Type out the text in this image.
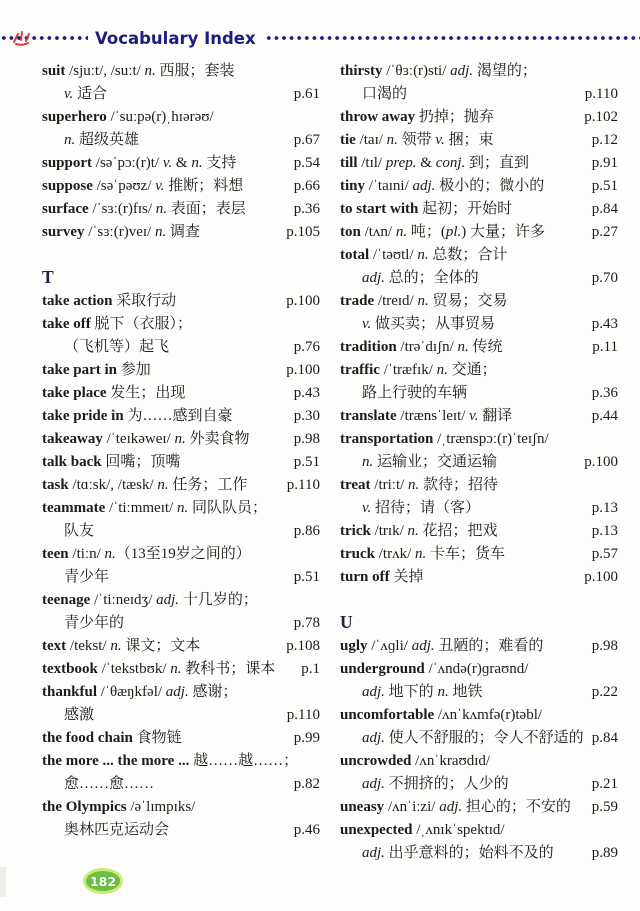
Vocabulary Index
suit /sjuːt/, /suːt/ n. 西服；套装
v. 适合	p.61
superhero /ˈsuːpə(r)ˌhɪərəʊ/
n. 超级英雄	p.67
support /səˈpɔː(r)t/ v. & n. 支持	p.54
suppose /səˈpəʊz/ v. 推断；料想	p.66
surface /ˈsɜː(r)fɪs/ n. 表面；表层	p.36
survey /ˈsɜː(r)veɪ/ n. 调查	p.105
T
take action 采取行动	p.100
take off 脱下（衣服）；
（飞机等）起飞	p.76
take part in 参加	p.100
take place 发生；出现	p.43
take pride in 为……感到自豪	p.30
takeaway /ˈteɪkəweɪ/ n. 外卖食物	p.98
talk back 回嘴；顶嘴	p.51
task /tɑːsk/, /tæsk/ n. 任务；工作	p.110
teammate /ˈtiːmmeɪt/ n. 同队队员；
队友	p.86
teen /tiːn/ n.（13至19岁之间的）
青少年	p.51
teenage /ˈtiːneɪdʒ/ adj. 十几岁的；
青少年的	p.78
text /tekst/ n. 课文；文本	p.108
textbook /ˈtekstbʊk/ n. 教科书；课本 p.1
thankful /ˈθæŋkfəl/ adj. 感谢；
感激	p.110
the food chain 食物链	p.99
the more ... the more ... 越……越……；
愈……愈……	p.82
the Olympics /əˈlɪmpɪks/
奥林匹克运动会	p.46
thirsty /ˈθɜː(r)sti/ adj. 渴望的；
口渴的	p.110
throw away 扔掉；抛弃	p.102
tie /taɪ/ n. 领带 v. 捆；束	p.12
till /tɪl/ prep. & conj. 到；直到	p.91
tiny /ˈtaɪni/ adj. 极小的；微小的	p.51
to start with 起初；开始时	p.84
ton /tʌn/ n. 吨；(pl.) 大量；许多	p.27
total /ˈtəʊtl/ n. 总数；合计
adj. 总的；全体的	p.70
trade /treɪd/ n. 贸易；交易
v. 做买卖；从事贸易	p.43
tradition /trəˈdɪʃn/ n. 传统	p.11
traffic /ˈtræfɪk/ n. 交通；
路上行驶的车辆	p.36
translate /trænsˈleɪt/ v. 翻译	p.44
transportation /ˌtrænspɔː(r)ˈteɪʃn/
n. 运输业；交通运输	p.100
treat /triːt/ n. 款待；招待
v. 招待；请（客）	p.13
trick /trɪk/ n. 花招；把戏	p.13
truck /trʌk/ n. 卡车；货车	p.57
turn off 关掉	p.100
U
ugly /ˈʌɡli/ adj. 丑陋的；难看的	p.98
underground /ˈʌndə(r)ɡraʊnd/
adj. 地下的 n. 地铁	p.22
uncomfortable /ʌnˈkʌmfə(r)təbl/
adj. 使人不舒服的；令人不舒适的 p.84
uncrowded /ʌnˈkraʊdɪd/
adj. 不拥挤的；人少的	p.21
uneasy /ʌnˈiːzi/ adj. 担心的；不安的 p.59
unexpected /ˌʌnɪkˈspektɪd/
adj. 出乎意料的；始料不及的	p.89
182
